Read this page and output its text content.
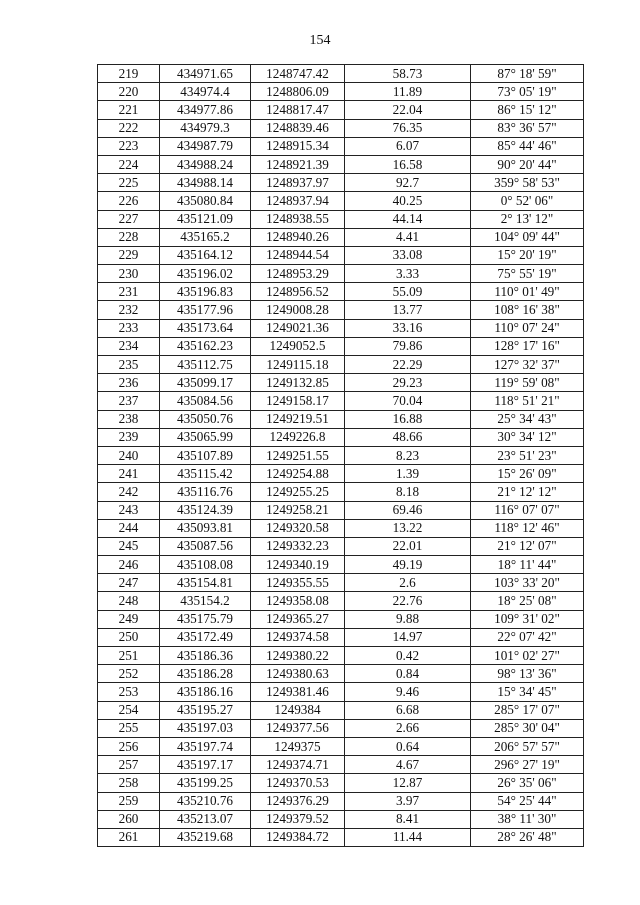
154
219	434971.65	1248747.42	58.73	87° 18' 59"
220	434974.4	1248806.09	11.89	73° 05' 19"
221	434977.86	1248817.47	22.04	86° 15' 12"
222	434979.3	1248839.46	76.35	83° 36' 57"
223	434987.79	1248915.34	6.07	85° 44' 46"
224	434988.24	1248921.39	16.58	90° 20' 44"
225	434988.14	1248937.97	92.7	359° 58' 53"
226	435080.84	1248937.94	40.25	0° 52' 06"
227	435121.09	1248938.55	44.14	2° 13' 12"
228	435165.2	1248940.26	4.41	104° 09' 44"
229	435164.12	1248944.54	33.08	15° 20' 19"
230	435196.02	1248953.29	3.33	75° 55' 19"
231	435196.83	1248956.52	55.09	110° 01' 49"
232	435177.96	1249008.28	13.77	108° 16' 38"
233	435173.64	1249021.36	33.16	110° 07' 24"
234	435162.23	1249052.5	79.86	128° 17' 16"
235	435112.75	1249115.18	22.29	127° 32' 37"
236	435099.17	1249132.85	29.23	119° 59' 08"
237	435084.56	1249158.17	70.04	118° 51' 21"
238	435050.76	1249219.51	16.88	25° 34' 43"
239	435065.99	1249226.8	48.66	30° 34' 12"
240	435107.89	1249251.55	8.23	23° 51' 23"
241	435115.42	1249254.88	1.39	15° 26' 09"
242	435116.76	1249255.25	8.18	21° 12' 12"
243	435124.39	1249258.21	69.46	116° 07' 07"
244	435093.81	1249320.58	13.22	118° 12' 46"
245	435087.56	1249332.23	22.01	21° 12' 07"
246	435108.08	1249340.19	49.19	18° 11' 44"
247	435154.81	1249355.55	2.6	103° 33' 20"
248	435154.2	1249358.08	22.76	18° 25' 08"
249	435175.79	1249365.27	9.88	109° 31' 02"
250	435172.49	1249374.58	14.97	22° 07' 42"
251	435186.36	1249380.22	0.42	101° 02' 27"
252	435186.28	1249380.63	0.84	98° 13' 36"
253	435186.16	1249381.46	9.46	15° 34' 45"
254	435195.27	1249384	6.68	285° 17' 07"
255	435197.03	1249377.56	2.66	285° 30' 04"
256	435197.74	1249375	0.64	206° 57' 57"
257	435197.17	1249374.71	4.67	296° 27' 19"
258	435199.25	1249370.53	12.87	26° 35' 06"
259	435210.76	1249376.29	3.97	54° 25' 44"
260	435213.07	1249379.52	8.41	38° 11' 30"
261	435219.68	1249384.72	11.44	28° 26' 48"
